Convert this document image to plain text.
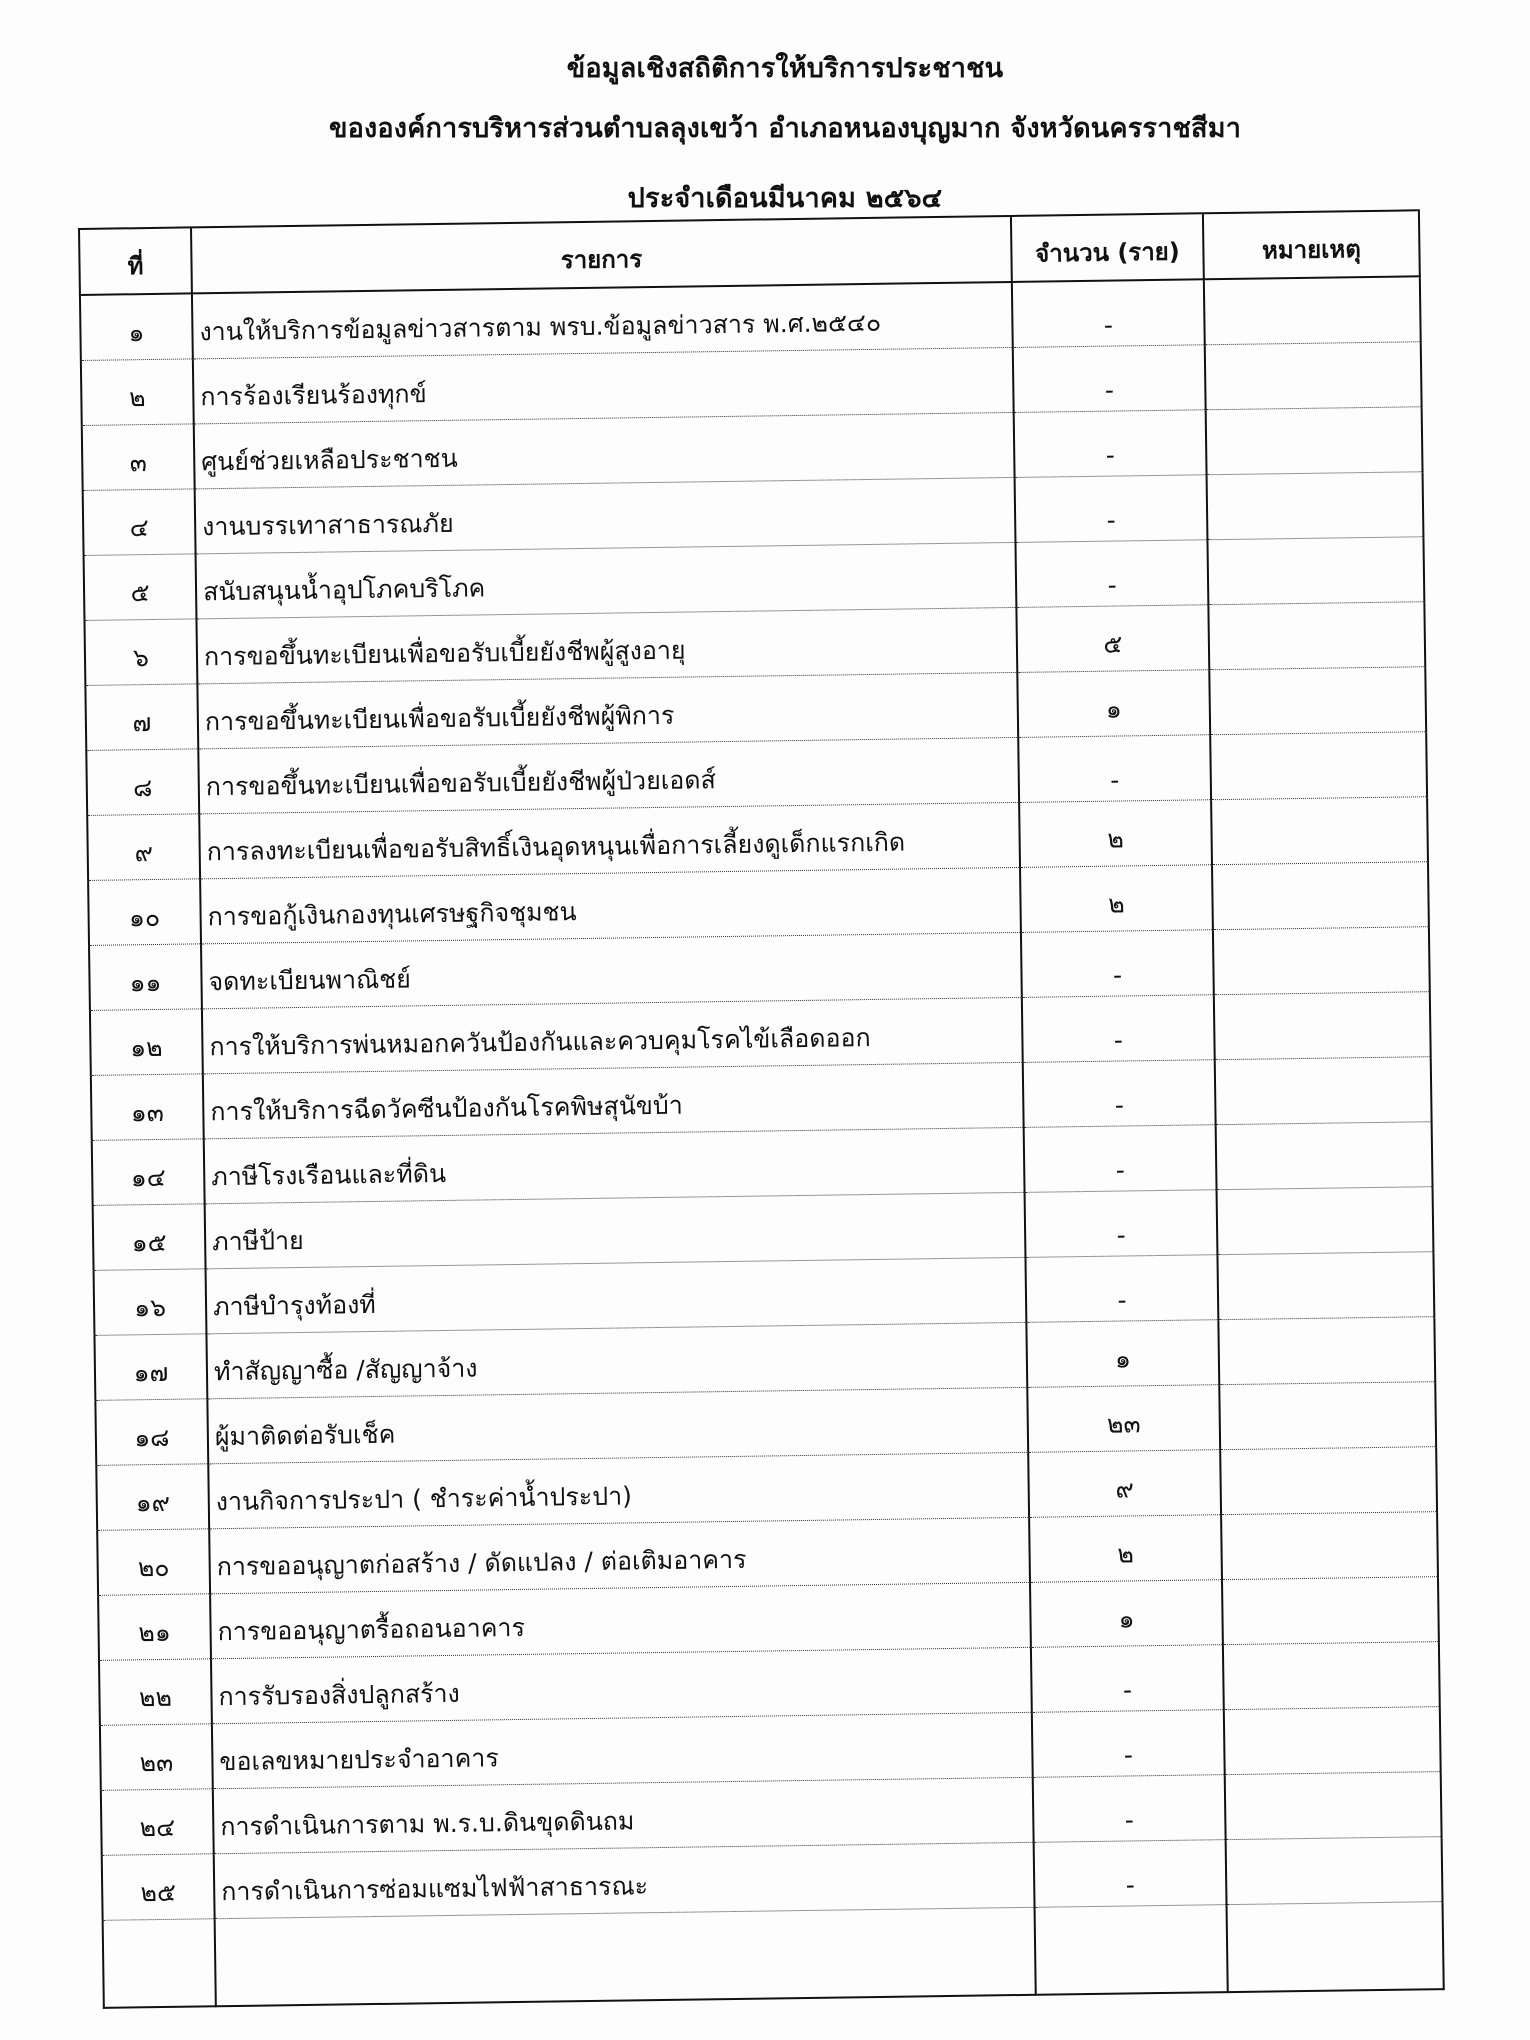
ข้อมูลเชิงสถิติการให้บริการประชาชน
ขององค์การบริหารส่วนตำบลลุงเขว้า อำเภอหนองบุญมาก จังหวัดนครราชสีมา
ประจำเดือนมีนาคม ๒๕๖๔
ที่	รายการ	จำนวน (ราย)	หมายเหตุ
๑	งานให้บริการข้อมูลข่าวสารตาม พรบ.ข้อมูลข่าวสาร พ.ศ.๒๕๔๐	-	
๒	การร้องเรียนร้องทุกข์	-	
๓	ศูนย์ช่วยเหลือประชาชน	-	
๔	งานบรรเทาสาธารณภัย	-	
๕	สนับสนุนน้ำอุปโภคบริโภค	-	
๖	การขอขึ้นทะเบียนเพื่อขอรับเบี้ยยังชีพผู้สูงอายุ	๕	
๗	การขอขึ้นทะเบียนเพื่อขอรับเบี้ยยังชีพผู้พิการ	๑	
๘	การขอขึ้นทะเบียนเพื่อขอรับเบี้ยยังชีพผู้ป่วยเอดส์	-	
๙	การลงทะเบียนเพื่อขอรับสิทธิ์เงินอุดหนุนเพื่อการเลี้ยงดูเด็กแรกเกิด	๒	
๑๐	การขอกู้เงินกองทุนเศรษฐกิจชุมชน	๒	
๑๑	จดทะเบียนพาณิชย์	-	
๑๒	การให้บริการพ่นหมอกควันป้องกันและควบคุมโรคไข้เลือดออก	-	
๑๓	การให้บริการฉีดวัคซีนป้องกันโรคพิษสุนัขบ้า	-	
๑๔	ภาษีโรงเรือนและที่ดิน	-	
๑๕	ภาษีป้าย	-	
๑๖	ภาษีบำรุงท้องที่	-	
๑๗	ทำสัญญาซื้อ /สัญญาจ้าง	๑	
๑๘	ผู้มาติดต่อรับเช็ค	๒๓	
๑๙	งานกิจการประปา ( ชำระค่าน้ำประปา)	๙	
๒๐	การขออนุญาตก่อสร้าง / ดัดแปลง / ต่อเติมอาคาร	๒	
๒๑	การขออนุญาตรื้อถอนอาคาร	๑	
๒๒	การรับรองสิ่งปลูกสร้าง	-	
๒๓	ขอเลขหมายประจำอาคาร	-	
๒๔	การดำเนินการตาม พ.ร.บ.ดินขุดดินถม	-	
๒๕	การดำเนินการซ่อมแซมไฟฟ้าสาธารณะ	-	
